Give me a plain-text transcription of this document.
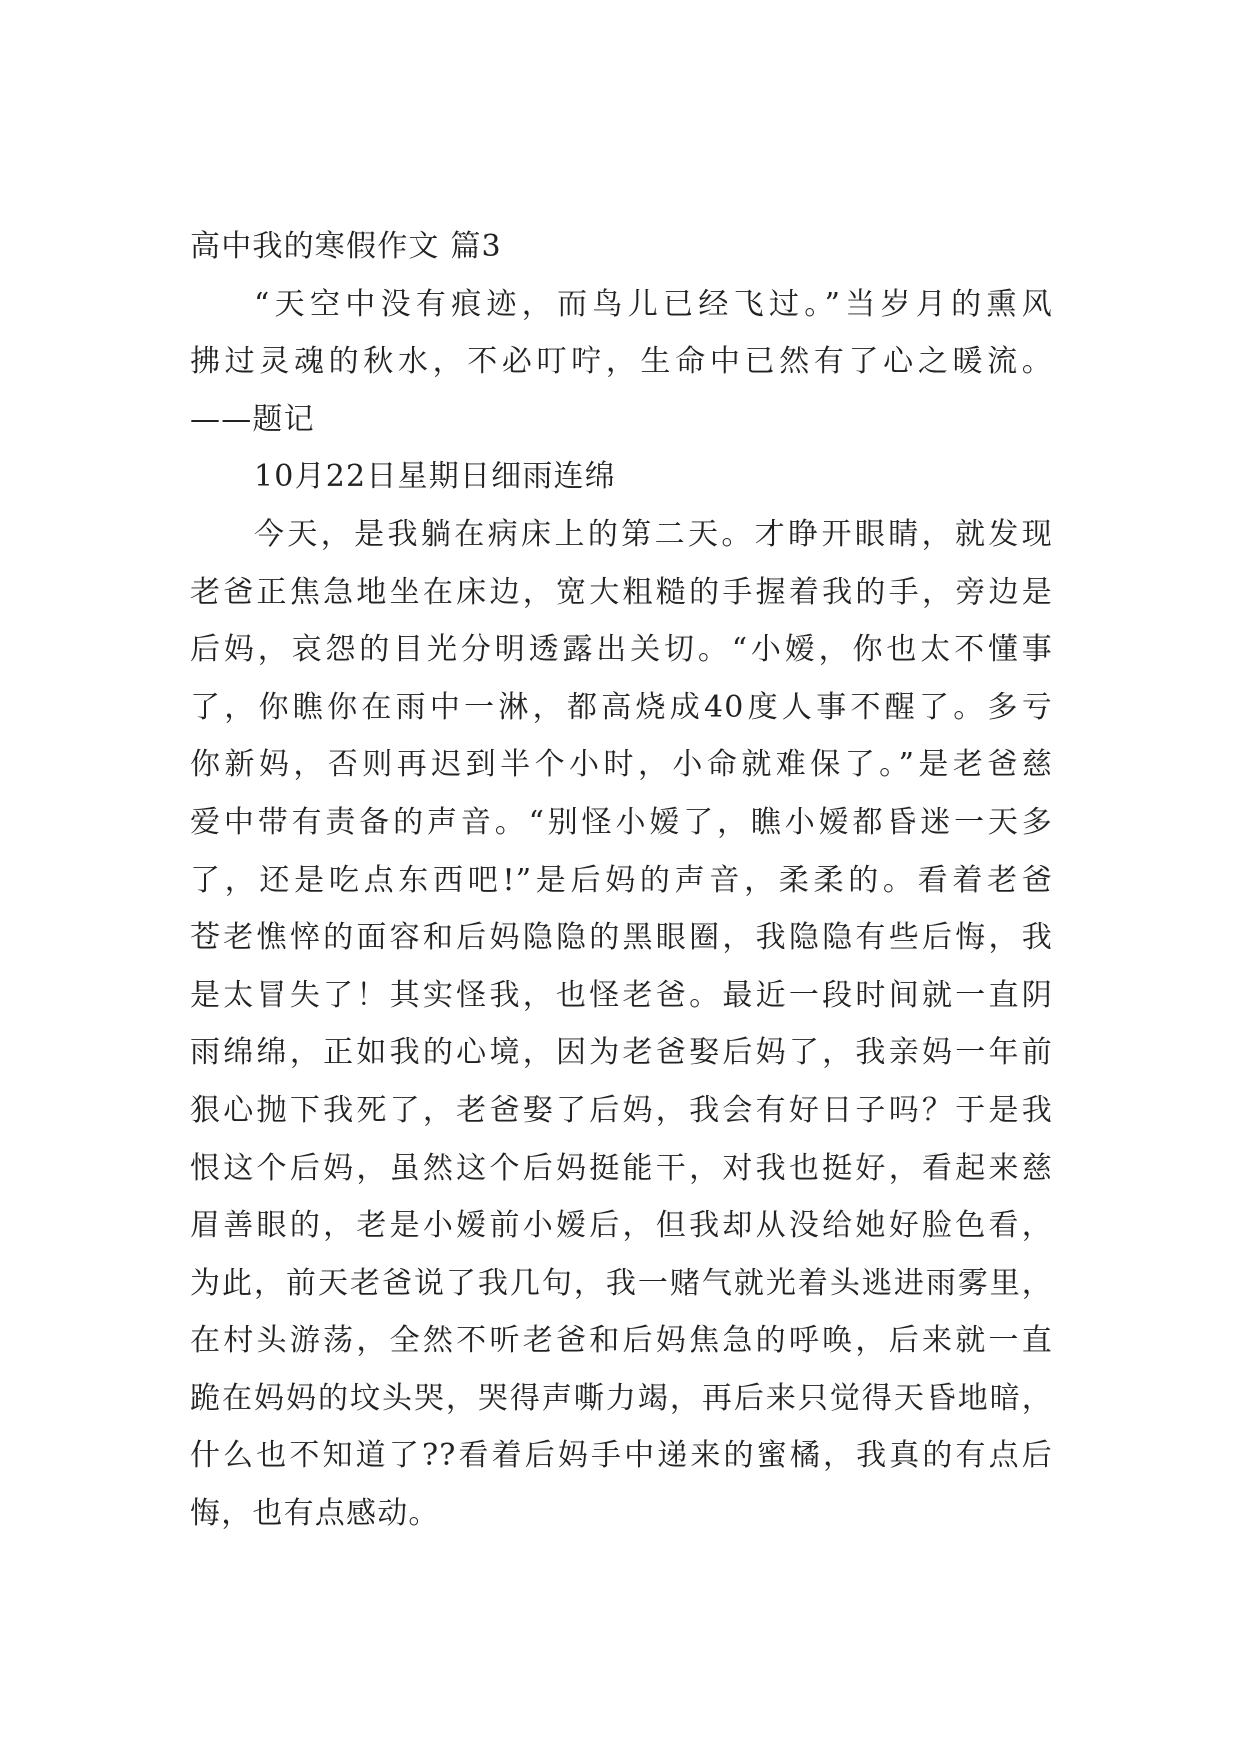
高中我的寒假作文 篇3

“天空中没有痕迹，而鸟儿已经飞过。”当岁月的熏风

拂过灵魂的秋水，不必叮咛，生命中已然有了心之暖流。

——题记

10月22日星期日细雨连绵

今天，是我躺在病床上的第二天。才睁开眼睛，就发现

老爸正焦急地坐在床边，宽大粗糙的手握着我的手，旁边是

后妈，哀怨的目光分明透露出关切。“小嫒，你也太不懂事

了，你瞧你在雨中一淋，都高烧成40度人事不醒了。多亏

你新妈，否则再迟到半个小时，小命就难保了。”是老爸慈

爱中带有责备的声音。“别怪小嫒了，瞧小嫒都昏迷一天多

了，还是吃点东西吧!”是后妈的声音，柔柔的。看着老爸

苍老憔悴的面容和后妈隐隐的黑眼圈，我隐隐有些后悔，我

是太冒失了！其实怪我，也怪老爸。最近一段时间就一直阴

雨绵绵，正如我的心境，因为老爸娶后妈了，我亲妈一年前

狠心抛下我死了，老爸娶了后妈，我会有好日子吗？于是我

恨这个后妈，虽然这个后妈挺能干，对我也挺好，看起来慈

眉善眼的，老是小嫒前小嫒后，但我却从没给她好脸色看，

为此，前天老爸说了我几句，我一赌气就光着头逃进雨雾里，

在村头游荡，全然不听老爸和后妈焦急的呼唤，后来就一直

跪在妈妈的坟头哭，哭得声嘶力竭，再后来只觉得天昏地暗，

什么也不知道了??看着后妈手中递来的蜜橘，我真的有点后

悔，也有点感动。
